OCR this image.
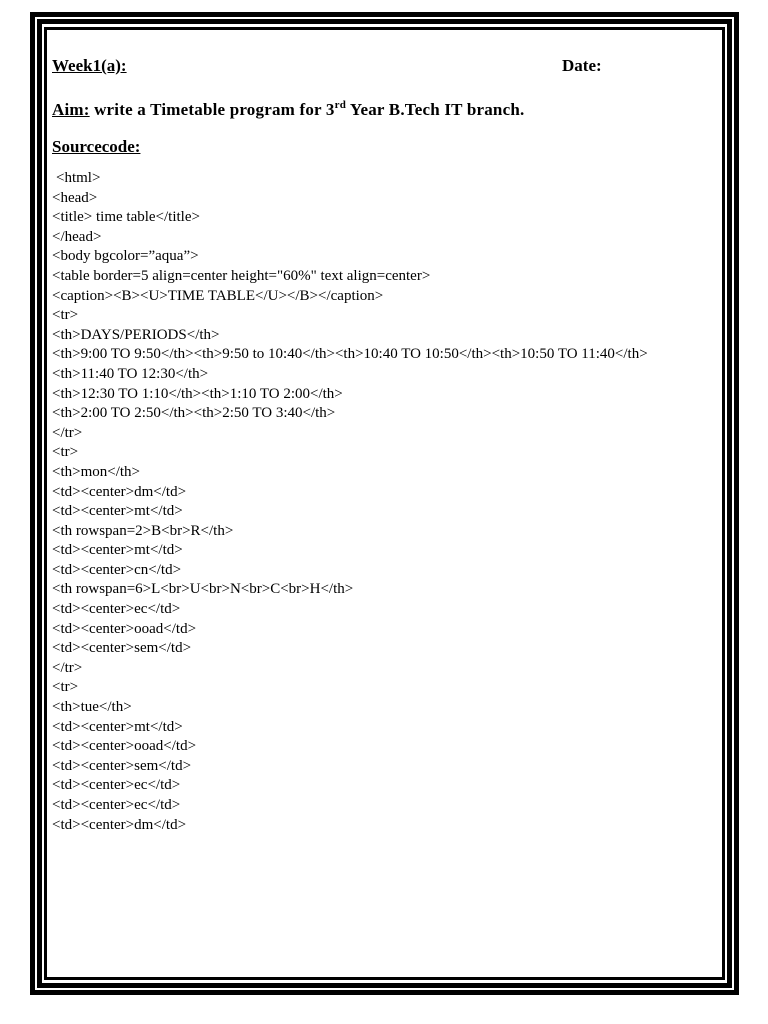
Week1(a):	Date:
Aim: write a Timetable program for 3rd Year B.Tech IT branch.
Sourcecode:
<html>
<head>
<title> time table</title>
</head>
<body bgcolor=”aqua”>
<table border=5 align=center height="60%" text align=center>
<caption><B><U>TIME TABLE</U></B></caption>
<tr>
<th>DAYS/PERIODS</th>
<th>9:00 TO 9:50</th><th>9:50 to 10:40</th><th>10:40 TO 10:50</th><th>10:50 TO 11:40</th><th>11:40 TO 12:30</th>
<th>12:30 TO 1:10</th><th>1:10 TO 2:00</th>
<th>2:00 TO 2:50</th><th>2:50 TO 3:40</th>
</tr>
<tr>
<th>mon</th>
<td><center>dm</td>
<td><center>mt</td>
<th rowspan=2>B<br>R</th>
<td><center>mt</td>
<td><center>cn</td>
<th rowspan=6>L<br>U<br>N<br>C<br>H</th>
<td><center>ec</td>
<td><center>ooad</td>
<td><center>sem</td>
</tr>
<tr>
<th>tue</th>
<td><center>mt</td>
<td><center>ooad</td>
<td><center>sem</td>
<td><center>ec</td>
<td><center>ec</td>
<td><center>dm</td>
